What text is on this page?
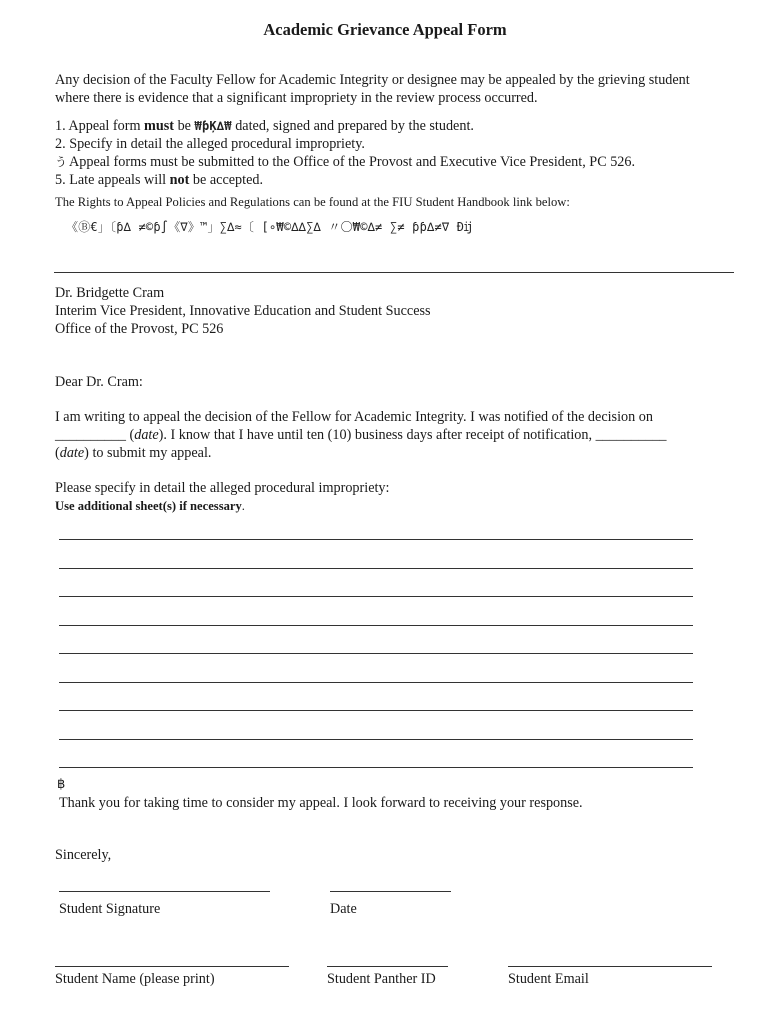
Academic Grievance Appeal Form

Any decision of the Faculty Fellow for Academic Integrity or designee may be appealed by the grieving student

where there is evidence that a significant impropriety in the review process occurred.

1. Appeal form must be ₩ƥĶ∆₩ dated, signed and prepared by the student.

2. Specify in detail the alleged procedural impropriety.

う Appeal forms must be submitted to the Office of the Provost and Executive Vice President, PC 526.

5. Late appeals will not be accepted.

The Rights to Appeal Policies and Regulations can be found at the FIU Student Handbook link below:

《Ⓑ€」〔ƥ∆ ≠©ƥ∫《∇》™」∑∆≈〔 [∘₩©∆∆∑∆ 〃〇₩©∆≠ ∑≠ ƥƥ∆≠∇ Ɖĳ

Dr. Bridgette Cram

Interim Vice President, Innovative Education and Student Success

Office of the Provost, PC 526

Dear Dr. Cram:

I am writing to appeal the decision of the Fellow for Academic Integrity. I was notified of the decision on

__________ (date). I know that I have until ten (10) business days after receipt of notification, __________

(date) to submit my appeal.

Please specify in detail the alleged procedural impropriety:

Use additional sheet(s) if necessary.

฿

Thank you for taking time to consider my appeal. I look forward to receiving your response.

Sincerely,

Student Signature	Date

Student Name (please print)	Student Panther ID	Student Email
